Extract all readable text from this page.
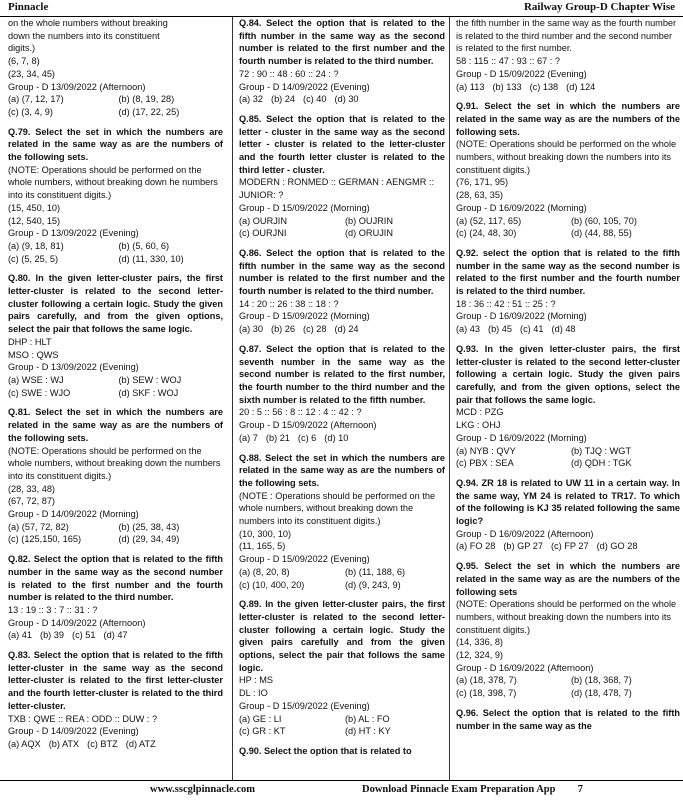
Pinnacle	Railway Group-D Chapter Wise

on the whole numbers without breaking

down the numbers into its constituent

digits.)

(6, 7, 8)

(23, 34, 45)

Group - D 13/09/2022 (Afternoon)

(a) (7, 12, 17)	(b) (8, 19, 28)
(c) (3, 4, 9)	(d) (17, 22, 25)

Q.79. Select the set in which the numbers are related in the same way as are the numbers of the following sets.

(NOTE: Operations should be performed on the whole numbers, without breaking down he numbers into its constituent digits.)

(15, 450, 10)

(12, 540, 15)

Group - D 13/09/2022 (Evening)

(a) (9, 18, 81)	(b) (5, 60, 6)
(c) (5, 25, 5)	(d) (11, 330, 10)

Q.80. In the given letter-cluster pairs, the first letter-cluster is related to the second letter-cluster following a certain logic. Study the given pairs carefully, and from the given options, select the pair that follows the same logic.

DHP : HLT

MSO : QWS

Group - D 13/09/2022 (Evening)

(a) WSE : WJ	(b) SEW : WOJ
(c) SWE : WJO	(d) SKF : WOJ

Q.81. Select the set in which the numbers are related in the same way as are the numbers of the following sets.

(NOTE: Operations should be performed on the whole numbers, without breaking down the numbers into its constituent digits.)

(28, 33, 48)

(67, 72, 87)

Group - D 14/09/2022 (Morning)

(a) (57, 72, 82)	(b) (25, 38, 43)
(c) (125,150, 165)	(d) (29, 34, 49)

Q.82. Select the option that is related to the fifth number in the same way as the second number is related to the first number and the fourth number is related to the third number.

13 : 19 :: 3 : 7 :: 31 : ?

Group - D 14/09/2022 (Afternoon)

(a) 41 (b) 39 (c) 51 (d) 47

Q.83. Select the option that is related to the fifth letter-cluster in the same way as the second letter-cluster is related to the first letter-cluster and the fourth letter-cluster is related to the third letter-cluster.

TXB : QWE :: REA : ODD :: DUW : ?

Group - D 14/09/2022 (Evening)

(a) AQX (b) ATX (c) BTZ (d) ATZ

Q.84. Select the option that is related to the fifth number in the same way as the second number is related to the first number and the fourth number is related to the third number.

72 : 90 :: 48 : 60 :: 24 : ?

Group - D 14/09/2022 (Evening)

(a) 32 (b) 24 (c) 40 (d) 30

Q.85. Select the option that is related to the letter - cluster in the same way as the second letter - cluster is related to the letter-cluster and the fourth letter cluster is related to the third letter - cluster.

MODERN : RONMED :: GERMAN : AENGMR :: JUNIOR: ?

Group - D 15/09/2022 (Morning)

(a) OURJIN	(b) OUJRIN
(c) OURJNI	(d) ORUJIN

Q.86. Select the option that is related to the fifth number in the same way as the second number is related to the first number and the fourth number is related to the third number.

14 : 20 :: 26 : 38 :: 18 : ?

Group - D 15/09/2022 (Morning)

(a) 30 (b) 26 (c) 28 (d) 24

Q.87. Select the option that is related to the seventh number in the same way as the second number is related to the first number, the fourth number to the third number and the sixth number is related to the fifth number.

20 : 5 :: 56 : 8 :: 12 : 4 :: 42 : ?

Group - D 15/09/2022 (Afternoon)

(a) 7 (b) 21 (c) 6 (d) 10

Q.88. Select the set in which the numbers are related in the same way as are the numbers of the following sets.

(NOTE : Operations should be performed on the whole numbers, without breaking down the numbers into its constituent digits.)

(10, 300, 10)

(11, 165, 5)

Group - D 15/09/2022 (Evening)

(a) (8, 20, 8)	(b) (11, 188, 6)
(c) (10, 400, 20)	(d) (9, 243, 9)

Q.89. In the given letter-cluster pairs, the first letter-cluster is related to the second letter-cluster following a certain logic. Study the given pairs carefully and from the given options, select the pair that follows the same logic.

HP : MS

DL : IO

Group - D 15/09/2022 (Evening)

(a) GE : LI	(b) AL : FO
(c) GR : KT	(d) HT : KY

Q.90. Select the option that is related to

the fifth number in the same way as the fourth number is related to the third number and the second number is related to the first number.

58 : 115 :: 47 : 93 :: 67 : ?

Group - D 15/09/2022 (Evening)

(a) 113 (b) 133 (c) 138 (d) 124

Q.91. Select the set in which the numbers are related in the same way as are the numbers of the following sets.

(NOTE: Operations should be performed on the whole numbers, without breaking down the numbers into its constituent digits.)

(76, 171, 95)

(28, 63, 35)

Group - D 16/09/2022 (Morning)

(a) (52, 117, 65)	(b) (60, 105, 70)
(c) (24, 48, 30)	(d) (44, 88, 55)

Q.92. select the option that is related to the fifth number in the same way as the second number is related to the first number and the fourth number is related to the third number.

18 : 36 :: 42 : 51 :: 25 : ?

Group - D 16/09/2022 (Morning)

(a) 43 (b) 45 (c) 41 (d) 48

Q.93. In the given letter-cluster pairs, the first letter-cluster is related to the second letter-cluster following a certain logic. Study the given pairs carefully, and from the given options, select the pair that follows the same logic.

MCD : PZG

LKG : OHJ

Group - D 16/09/2022 (Morning)

(a) NYB : QVY	(b) TJQ : WGT
(c) PBX : SEA	(d) QDH : TGK

Q.94. ZR 18 is related to UW 11 in a certain way. In the same way, YM 24 is related to TR17. To which of the following is KJ 35 related following the same logic?

Group - D 16/09/2022 (Afternoon)

(a) FO 28 (b) GP 27 (c) FP 27 (d) GO 28

Q.95. Select the set in which the numbers are related in the same way as are the numbers of the following sets

(NOTE: Operations should be performed on the whole numbers, without breaking down the numbers into its constituent digits.)

(14, 336, 8)

(12, 324, 9)

Group - D 16/09/2022 (Afternoon)

(a) (18, 378, 7)	(b) (18, 368, 7)
(c) (18, 398, 7)	(d) (18, 478, 7)

Q.96. Select the option that is related to the fifth number in the same way as the

www.sscglpinnacle.com	Download Pinnacle Exam Preparation App 7
